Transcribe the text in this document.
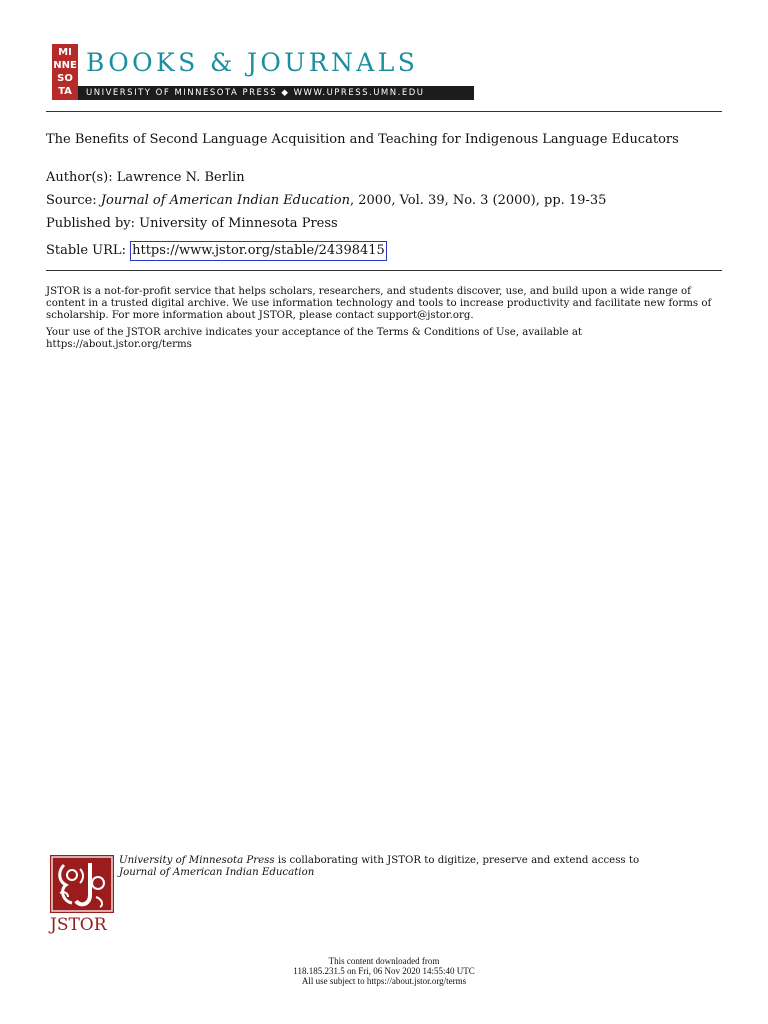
MI
NNE
SO
TA
BOOKS & JOURNALS
UNIVERSITY OF MINNESOTA PRESS ◆ WWW.UPRESS.UMN.EDU
The Benefits of Second Language Acquisition and Teaching for Indigenous Language Educators
Author(s): Lawrence N. Berlin
Source: Journal of American Indian Education, 2000, Vol. 39, No. 3 (2000), pp. 19-35
Published by: University of Minnesota Press
Stable URL: https://www.jstor.org/stable/24398415
JSTOR is a not-for-profit service that helps scholars, researchers, and students discover, use, and build upon a wide range of content in a trusted digital archive. We use information technology and tools to increase productivity and facilitate new forms of scholarship. For more information about JSTOR, please contact support@jstor.org.
Your use of the JSTOR archive indicates your acceptance of the Terms & Conditions of Use, available at https://about.jstor.org/terms
JSTOR
University of Minnesota Press is collaborating with JSTOR to digitize, preserve and extend access to Journal of American Indian Education
This content downloaded from
118.185.231.5 on Fri, 06 Nov 2020 14:55:40 UTC
All use subject to https://about.jstor.org/terms
